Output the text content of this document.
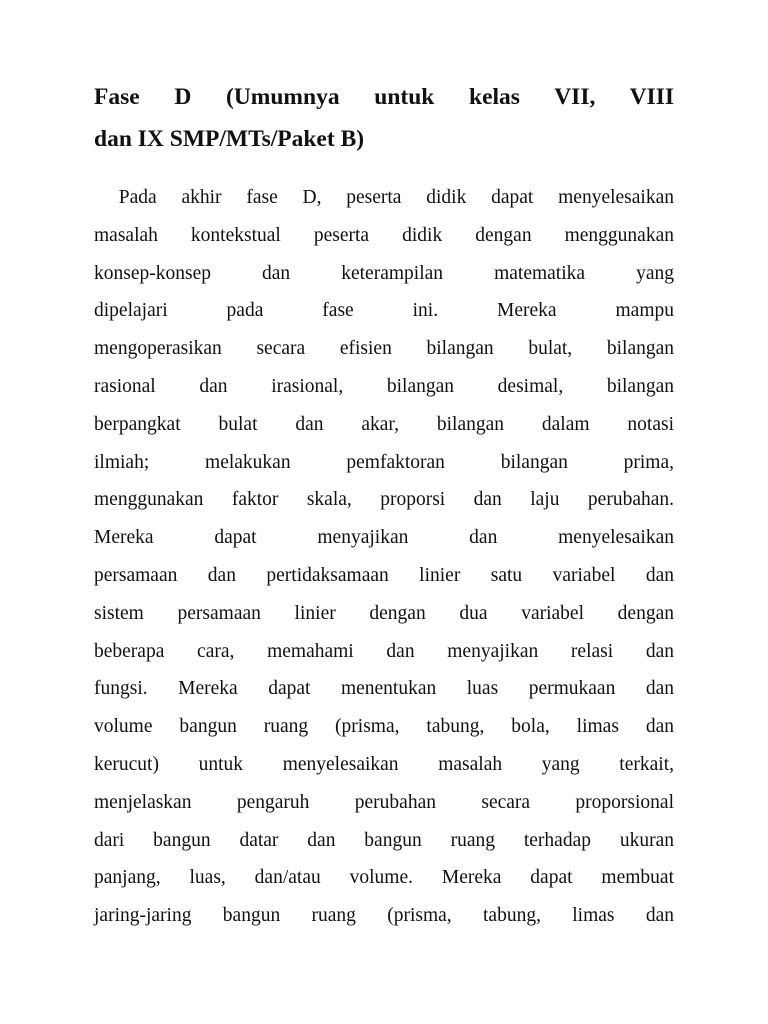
Fase D (Umumnya untuk kelas VII, VIII
dan IX SMP/MTs/Paket B)
Pada akhir fase D, peserta didik dapat menyelesaikan
masalah kontekstual peserta didik dengan menggunakan
konsep-konsep dan keterampilan matematika yang
dipelajari pada fase ini. Mereka mampu
mengoperasikan secara efisien bilangan bulat, bilangan
rasional dan irasional, bilangan desimal, bilangan
berpangkat bulat dan akar, bilangan dalam notasi
ilmiah; melakukan pemfaktoran bilangan prima,
menggunakan faktor skala, proporsi dan laju perubahan.
Mereka dapat menyajikan dan menyelesaikan
persamaan dan pertidaksamaan linier satu variabel dan
sistem persamaan linier dengan dua variabel dengan
beberapa cara, memahami dan menyajikan relasi dan
fungsi. Mereka dapat menentukan luas permukaan dan
volume bangun ruang (prisma, tabung, bola, limas dan
kerucut) untuk menyelesaikan masalah yang terkait,
menjelaskan pengaruh perubahan secara proporsional
dari bangun datar dan bangun ruang terhadap ukuran
panjang, luas, dan/atau volume. Mereka dapat membuat
jaring-jaring bangun ruang (prisma, tabung, limas dan
